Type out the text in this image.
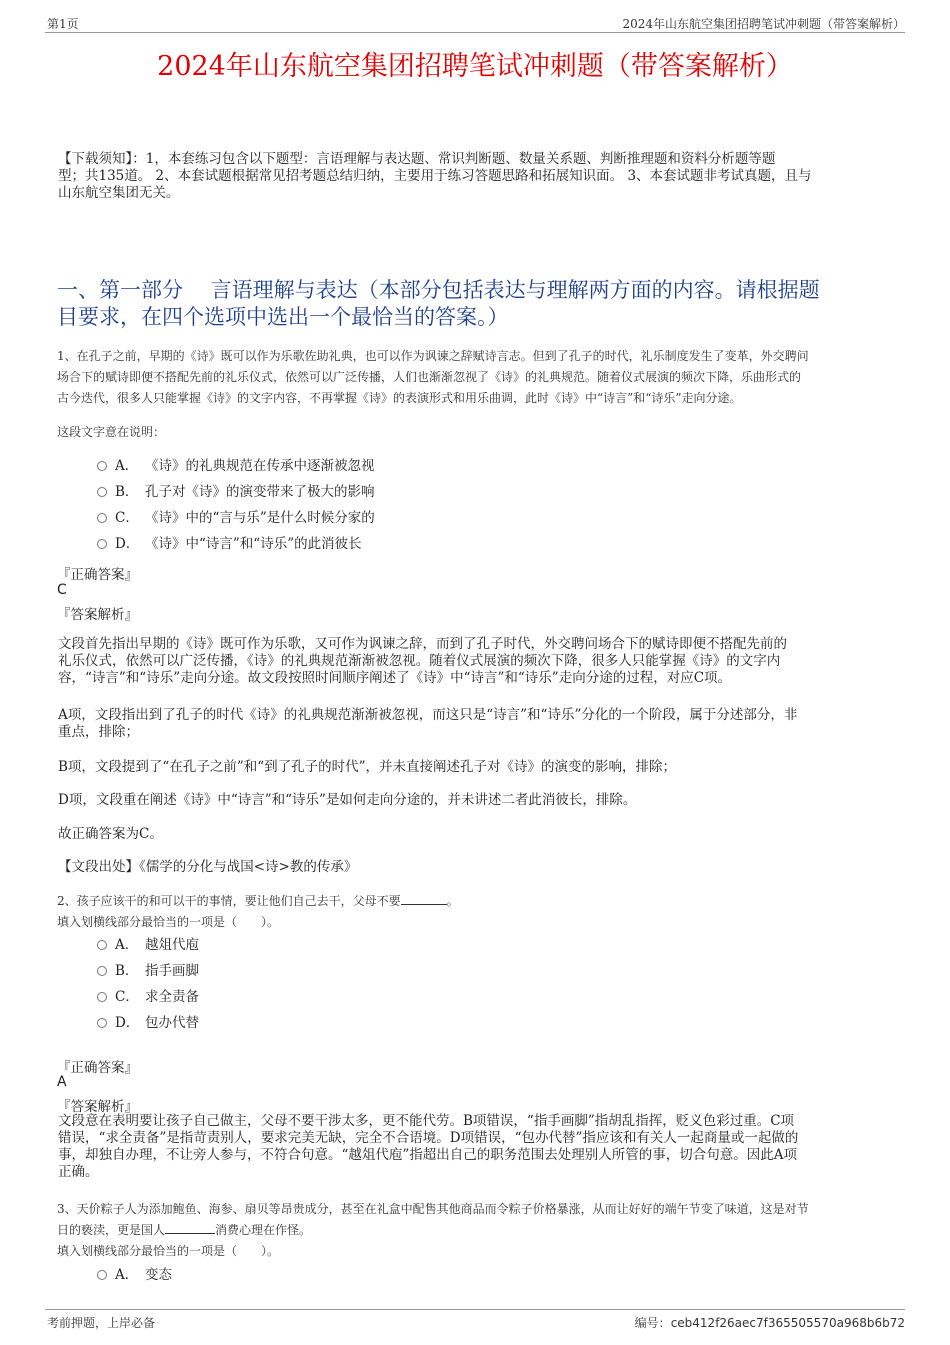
第1页	2024年山东航空集团招聘笔试冲刺题（带答案解析）
2024年山东航空集团招聘笔试冲刺题（带答案解析）
【下载须知】：1，本套练习包含以下题型：言语理解与表达题、常识判断题、数量关系题、判断推理题和资料分析题等题
型；共135道。 2、本套试题根据常见招考题总结归纳，主要用于练习答题思路和拓展知识面。 3、本套试题非考试真题，且与
山东航空集团无关。
一、第一部分　 言语理解与表达（本部分包括表达与理解两方面的内容。请根据题
目要求，在四个选项中选出一个最恰当的答案。）
1、在孔子之前，早期的《诗》既可以作为乐歌佐助礼典，也可以作为讽谏之辞赋诗言志。但到了孔子的时代，礼乐制度发生了变革，外交聘问
场合下的赋诗即便不搭配先前的礼乐仪式，依然可以广泛传播，人们也渐渐忽视了《诗》的礼典规范。随着仪式展演的频次下降，乐曲形式的
古今迭代，很多人只能掌握《诗》的文字内容，不再掌握《诗》的表演形式和用乐曲调，此时《诗》中“诗言”和“诗乐”走向分途。
这段文字意在说明：
A． 《诗》的礼典规范在传承中逐渐被忽视
B． 孔子对《诗》的演变带来了极大的影响
C． 《诗》中的“言与乐”是什么时候分家的
D． 《诗》中“诗言”和“诗乐”的此消彼长
『正确答案』
C
『答案解析』
文段首先指出早期的《诗》既可作为乐歌，又可作为讽谏之辞，而到了孔子时代，外交聘问场合下的赋诗即便不搭配先前的
礼乐仪式，依然可以广泛传播，《诗》的礼典规范渐渐被忽视。随着仪式展演的频次下降，很多人只能掌握《诗》的文字内
容，“诗言”和“诗乐”走向分途。故文段按照时间顺序阐述了《诗》中“诗言”和“诗乐”走向分途的过程，对应C项。
A项，文段指出到了孔子的时代《诗》的礼典规范渐渐被忽视，而这只是“诗言”和“诗乐”分化的一个阶段，属于分述部分，非
重点，排除；
B项，文段提到了“在孔子之前”和“到了孔子的时代”，并未直接阐述孔子对《诗》的演变的影响，排除；
D项，文段重在阐述《诗》中“诗言”和“诗乐”是如何走向分途的，并未讲述二者此消彼长，排除。
故正确答案为C。
【文段出处】《儒学的分化与战国<诗>教的传承》
2、孩子应该干的和可以干的事情，要让他们自己去干，父母不要	。
填入划横线部分最恰当的一项是（　　）。
A． 越俎代庖
B． 指手画脚
C． 求全责备
D． 包办代替
『正确答案』
A
『答案解析』
文段意在表明要让孩子自己做主，父母不要干涉太多，更不能代劳。B项错误，“指手画脚”指胡乱指挥，贬义色彩过重。C项
错误，“求全责备”是指苛责别人，要求完美无缺，完全不合语境。D项错误，“包办代替”指应该和有关人一起商量或一起做的
事，却独自办理，不让旁人参与，不符合句意。“越俎代庖”指超出自己的职务范围去处理别人所管的事，切合句意。因此A项
正确。
3、天价粽子人为添加鲍鱼、海参、扇贝等昂贵成分，甚至在礼盒中配售其他商品而令粽子价格暴涨，从而让好好的端午节变了味道，这是对节
日的亵渎，更是国人	消费心理在作怪。
填入划横线部分最恰当的一项是（　　）。
A． 变态
考前押题，上岸必备	编号：ceb412f26aec7f365505570a968b6b72
